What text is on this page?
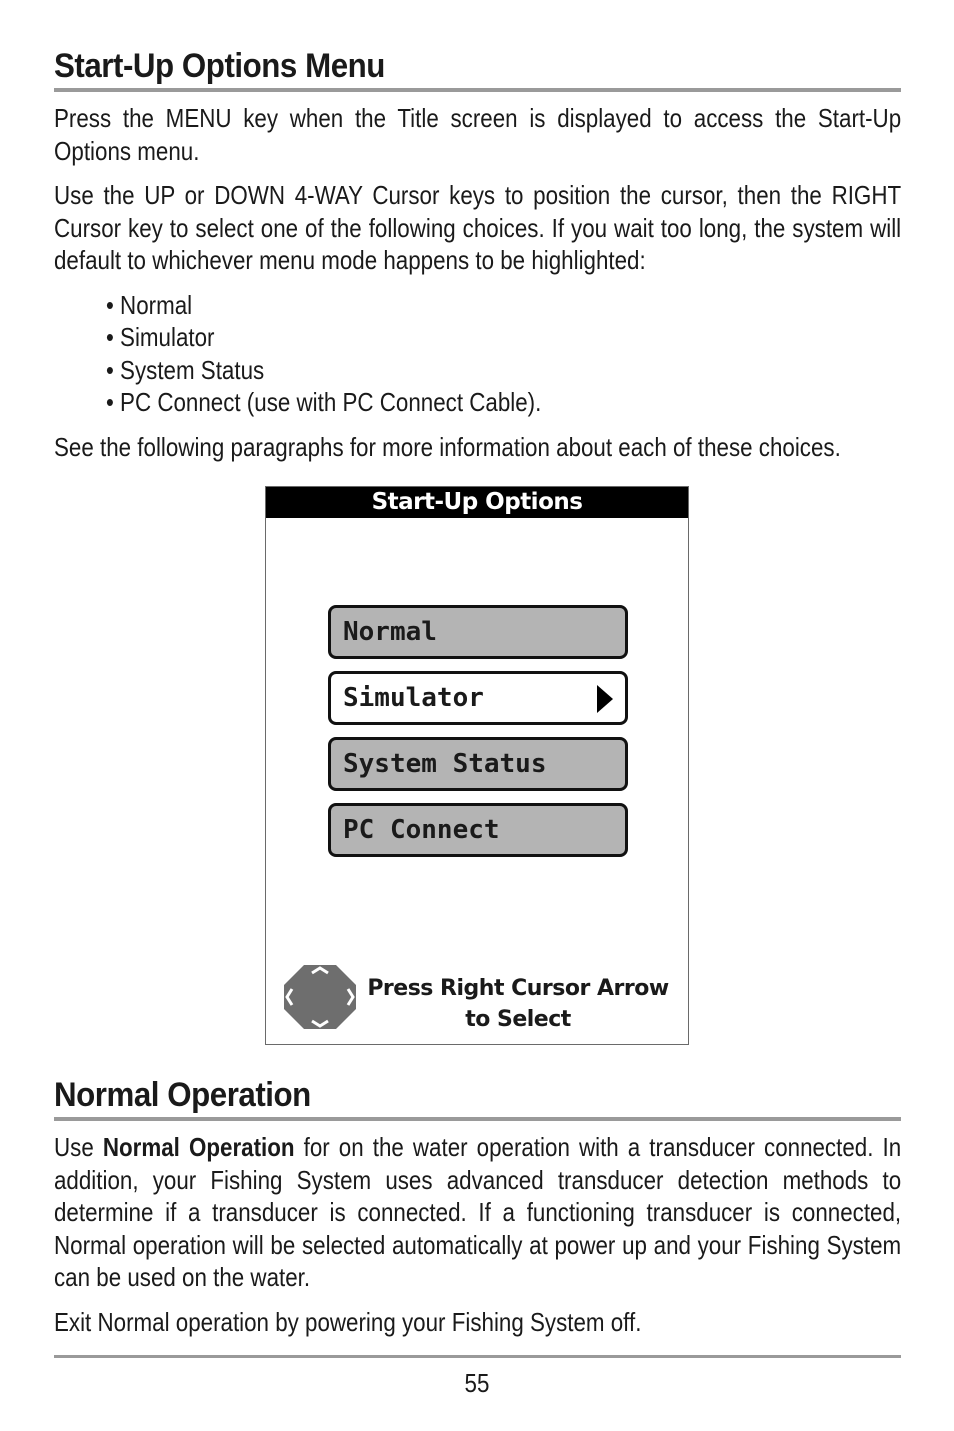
Start-Up Options Menu

Press the MENU key when the Title screen is displayed to access the Start-Up Options menu.

Use the UP or DOWN 4-WAY Cursor keys to position the cursor, then the RIGHT Cursor key to select one of the following choices. If you wait too long, the system will default to whichever menu mode happens to be highlighted:

• Normal
• Simulator
• System Status
• PC Connect (use with PC Connect Cable).

See the following paragraphs for more information about each of these choices.

Start-Up Options
Normal
Simulator
System Status
PC Connect
Press Right Cursor Arrow
to Select
Normal Operation

Use Normal Operation for on the water operation with a transducer connected. In addition, your Fishing System uses advanced transducer detection methods to determine if a transducer is connected. If a functioning transducer is connected, Normal operation will be selected automatically at power up and your Fishing System can be used on the water.

Exit Normal operation by powering your Fishing System off.

55
